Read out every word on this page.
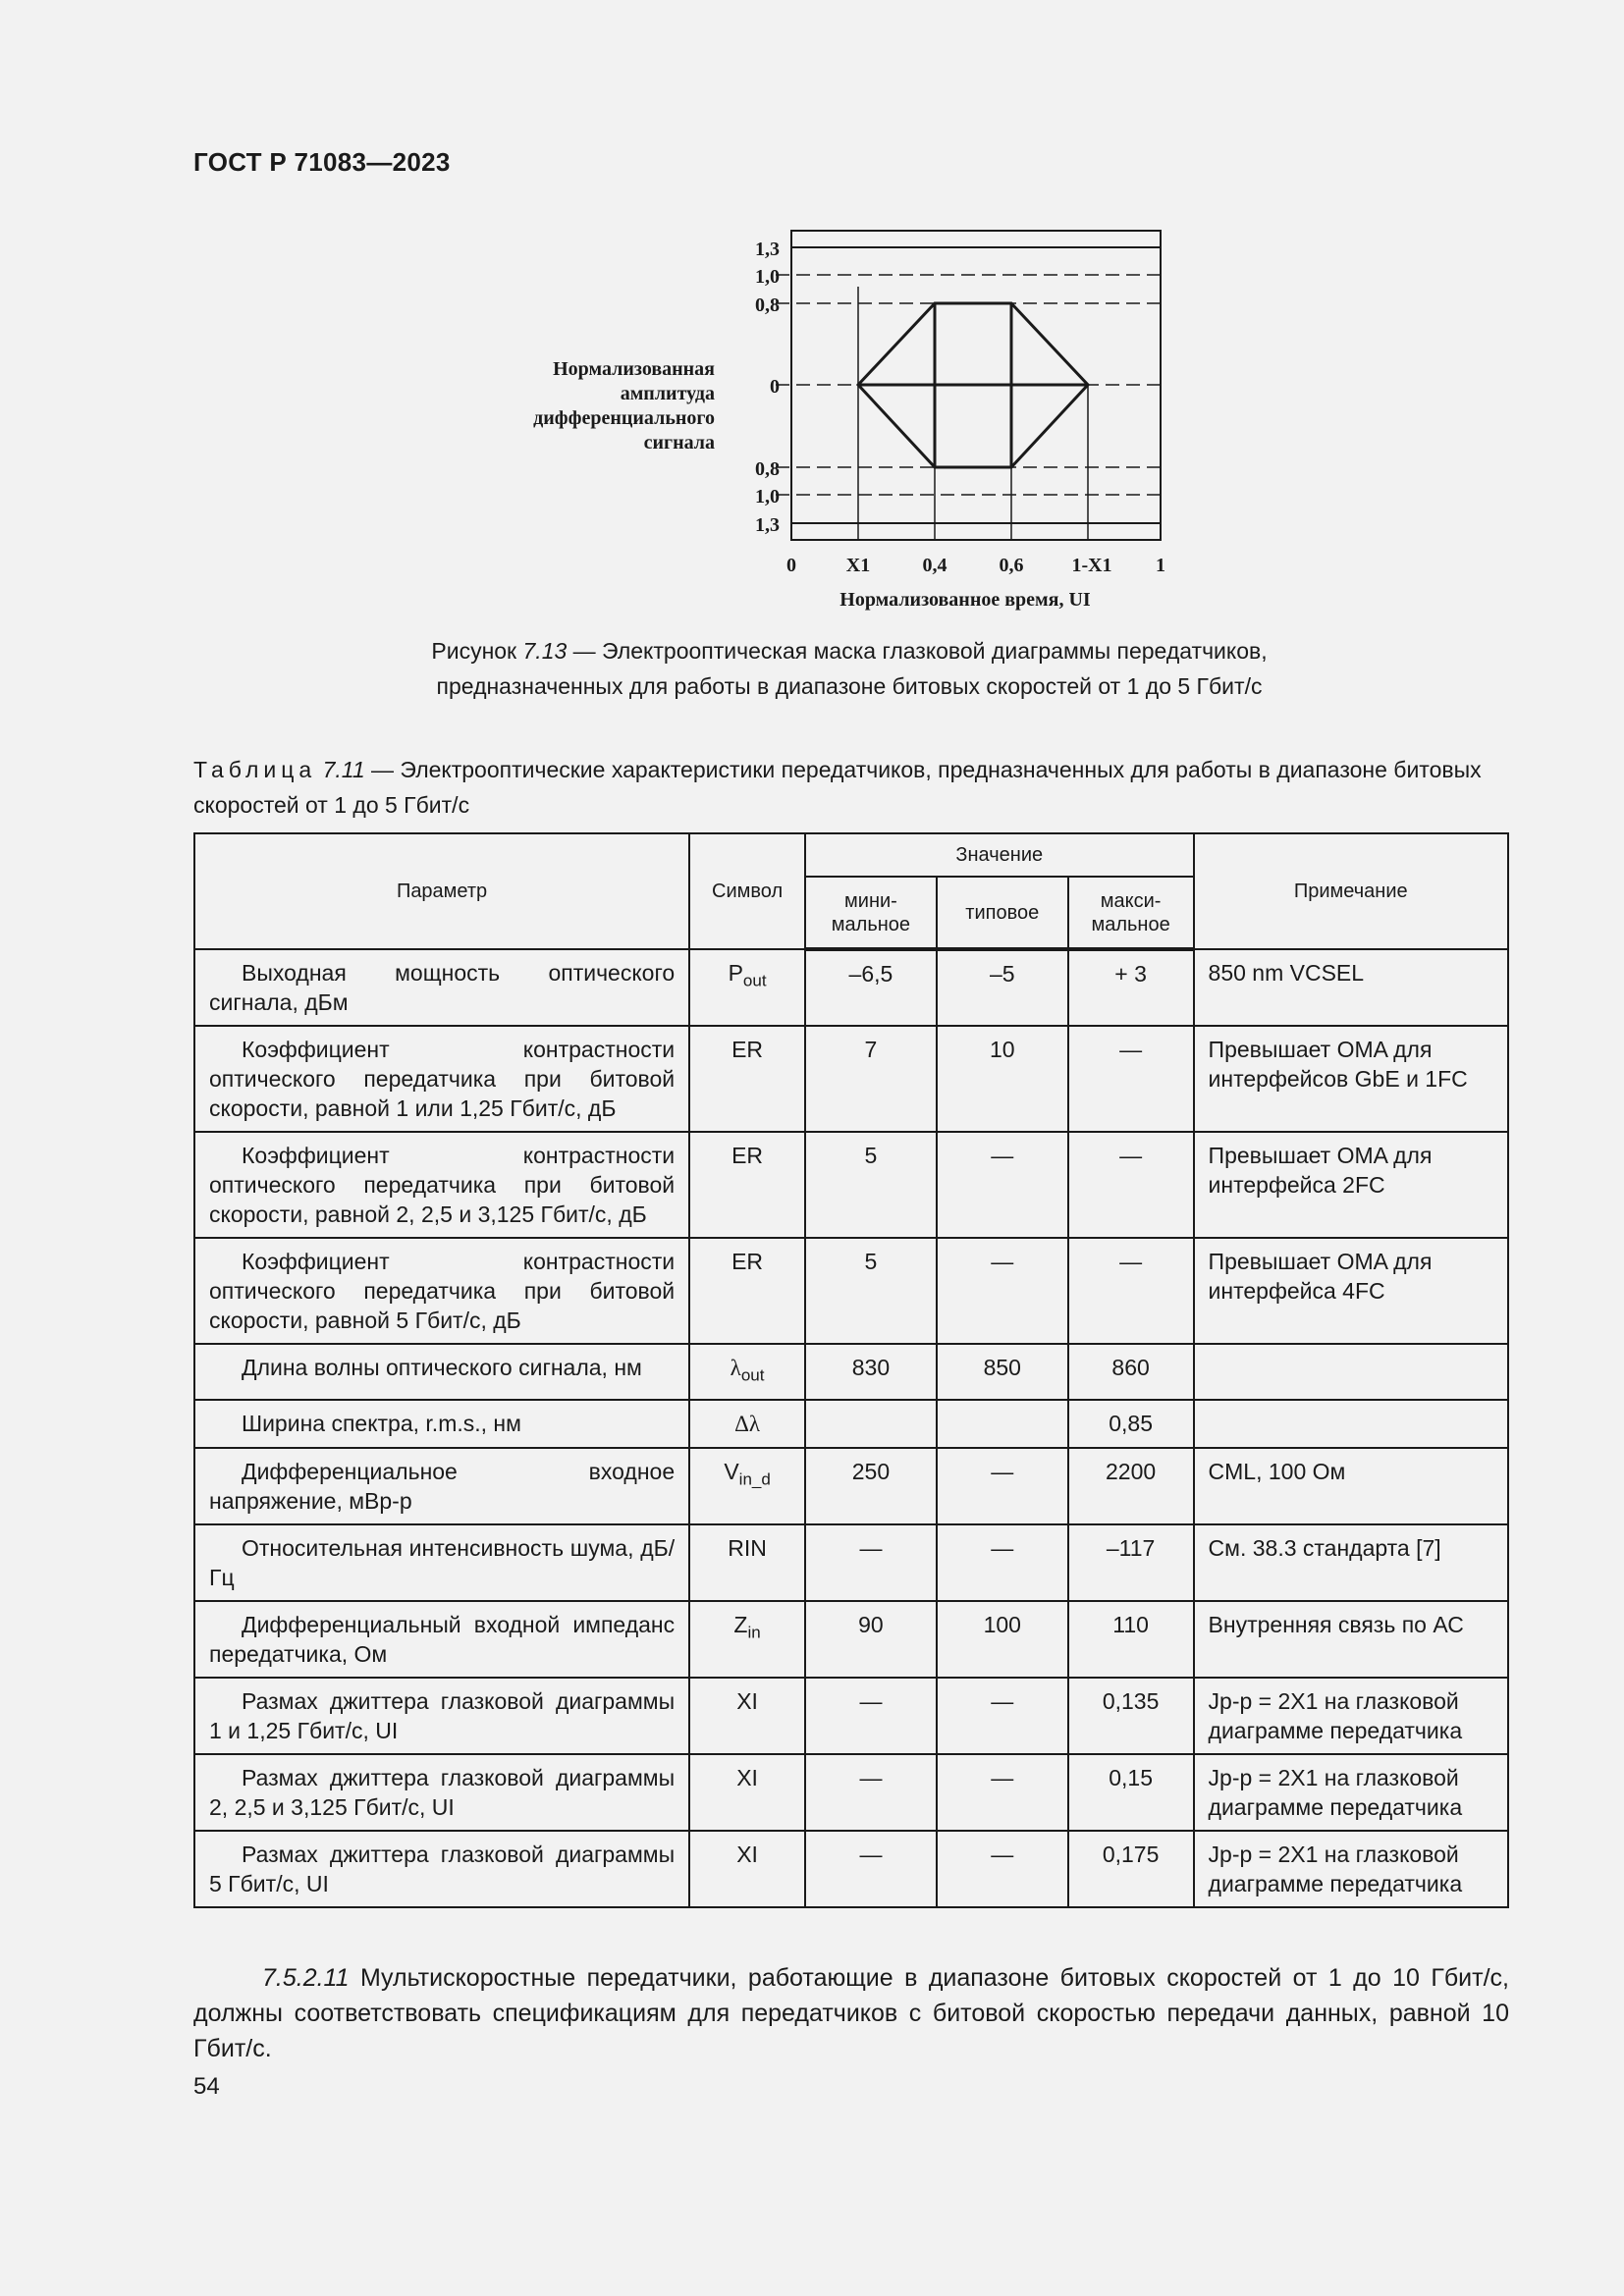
ГОСТ Р 71083—2023
Нормализованная
амплитуда
дифференциального
сигнала
1,3
1,0
0,8
0
0,8
1,0
1,3
0	X1	0,4	0,6 1-X1 1
Нормализованное время, UI
Рисунок 7.13 — Электрооптическая маска глазковой диаграммы передатчиков,
предназначенных для работы в диапазоне битовых скоростей от 1 до 5 Гбит/с
Таблица 7.11 — Электрооптические характеристики передатчиков, предназначенных для работы в диапазоне битовых скоростей от 1 до 5 Гбит/с
Параметр	Символ	Значение			Примечание
		мини-мальное	типовое	макси-мальное	
Выходная мощность оптического сигнала, дБм	$P_{out}$	–6,5	–5	+ 3	850 nm VCSEL
Коэффициент контрастности оптического передатчика при битовой скорости, равной 1 или 1,25 Гбит/с, дБ	ER	7	10	—	Превышает OMA для интерфейсов GbE и 1FC
Коэффициент контрастности оптического передатчика при битовой скорости, равной 2, 2,5 и 3,125 Гбит/с, дБ	ER	5	—	—	Превышает OMA для интерфейса 2FC
Коэффициент контрастности оптического передатчика при битовой скорости, равной 5 Гбит/с, дБ	ER	5	—	—	Превышает OMA для интерфейса 4FC
Длина волны оптического сигнала, нм	$\lambda_{out}$	830	850	860	
Ширина спектра, r.m.s., нм	Δλ			0,85	
Дифференциальное входное напряжение, мВр-р	$V_{in\_d}$	250	—	2200	CML, 100 Ом
Относительная интенсивность шума, дБ/Гц	RIN	—	—	–117	См. 38.3 стандарта [7]
Дифференциальный входной импеданс передатчика, Ом	$Z_{in}$	90	100	110	Внутренняя связь по АС
Размах джиттера глазковой диаграммы 1 и 1,25 Гбит/с, UI	XI	—	—	0,135	Jp-p = 2X1 на глазковой диаграмме передатчика
Размах джиттера глазковой диаграммы 2, 2,5 и 3,125 Гбит/с, UI	XI	—	—	0,15	Jp-p = 2X1 на глазковой диаграмме передатчика
Размах джиттера глазковой диаграммы 5 Гбит/с, UI	XI	—	—	0,175	Jp-p = 2X1 на глазковой диаграмме передатчика
7.5.2.11 Мультискоростные передатчики, работающие в диапазоне битовых скоростей от 1 до 10 Гбит/с, должны соответствовать спецификациям для передатчиков с битовой скоростью передачи данных, равной 10 Гбит/с.
54
